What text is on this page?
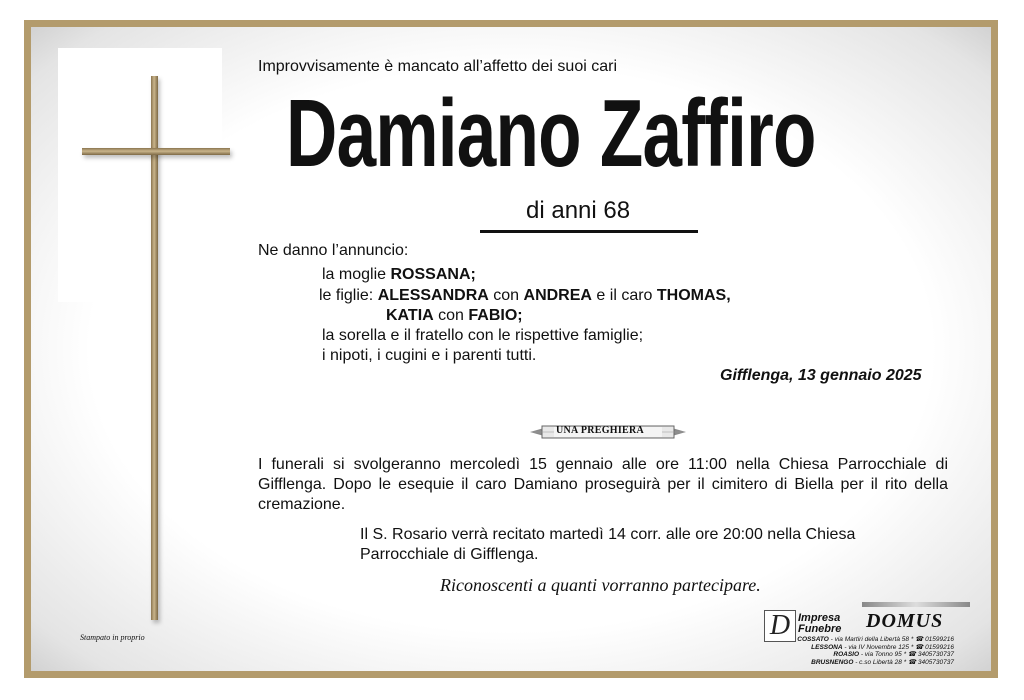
Improvvisamente è mancato all’affetto dei suoi cari
Damiano Zaffiro
di anni 68
Ne danno l’annuncio:
la moglie ROSSANA;
le figlie: ALESSANDRA con ANDREA e il caro THOMAS,
KATIA con FABIO;
la sorella e il fratello con le rispettive famiglie;
i nipoti, i cugini e i parenti tutti.
Gifflenga, 13 gennaio 2025
UNA PREGHIERA
I funerali si svolgeranno mercoledì 15 gennaio alle ore 11:00 nella Chiesa Parrocchiale di Gifflenga. Dopo le esequie il caro Damiano proseguirà per il cimitero di Biella per il rito della cremazione.
Il S. Rosario verrà recitato martedì 14 corr. alle ore 20:00 nella Chiesa Parrocchiale di Gifflenga.
Riconoscenti a quanti vorranno partecipare.
Stampato in proprio	D Impresa
Funebre DOMUS
COSSATO - via Martiri della Libertà 58 * ☎ 01599216
LESSONA - via IV Novembre 125 * ☎ 01599216
ROASIO - via Tonno 95 * ☎ 3405730737
BRUSNENGO - c.so Libertà 28 * ☎ 3405730737
